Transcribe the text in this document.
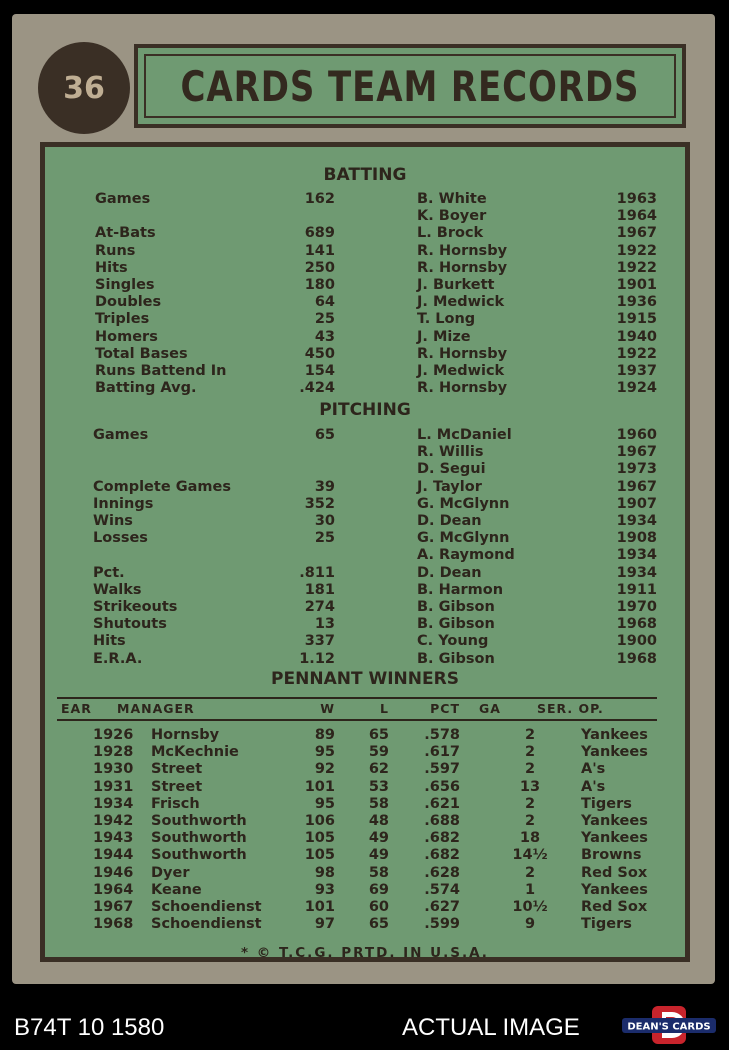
36	CARDS TEAM RECORDS
BATTING
Games	162	B. White	1963
K. Boyer	1964
At-Bats	689	L. Brock	1967
Runs	141	R. Hornsby	1922
Hits	250	R. Hornsby	1922
Singles	180	J. Burkett	1901
Doubles	64	J. Medwick	1936
Triples	25	T. Long	1915
Homers	43	J. Mize	1940
Total Bases	450	R. Hornsby	1922
Runs Battend In	154	J. Medwick	1937
Batting Avg.	.424	R. Hornsby	1924
PITCHING
Games	65	L. McDaniel	1960
R. Willis	1967
D. Segui	1973
Complete Games	39	J. Taylor	1967
Innings	352	G. McGlynn	1907
Wins	30	D. Dean	1934
Losses	25	G. McGlynn	1908
A. Raymond	1934
Pct.	.811	D. Dean	1934
Walks	181	B. Harmon	1911
Strikeouts	274	B. Gibson	1970
Shutouts	13	B. Gibson	1968
Hits	337	C. Young	1900
E.R.A.	1.12	B. Gibson	1968
PENNANT WINNERS
EAR MANAGER	W	L	PCT	GA	SER. OP.
1926 Hornsby	89	65	.578	2	Yankees
1928 McKechnie	95	59	.617	2	Yankees
1930 Street	92	62	.597	2	A's
1931 Street	101	53	.656	13	A's
1934 Frisch	95	58	.621	2	Tigers
1942 Southworth	106	48	.688	2	Yankees
1943 Southworth	105	49	.682	18	Yankees
1944 Southworth	105	49	.682	14½	Browns
1946 Dyer	98	58	.628	2	Red Sox
1964 Keane	93	69	.574	1	Yankees
1967 Schoendienst	101	60	.627	10½	Red Sox
1968 Schoendienst	97	65	.599	9	Tigers
* © T.C.G. PRTD. IN U.S.A.
B74T 10 1580	ACTUAL IMAGE	DEAN'S CARDS
